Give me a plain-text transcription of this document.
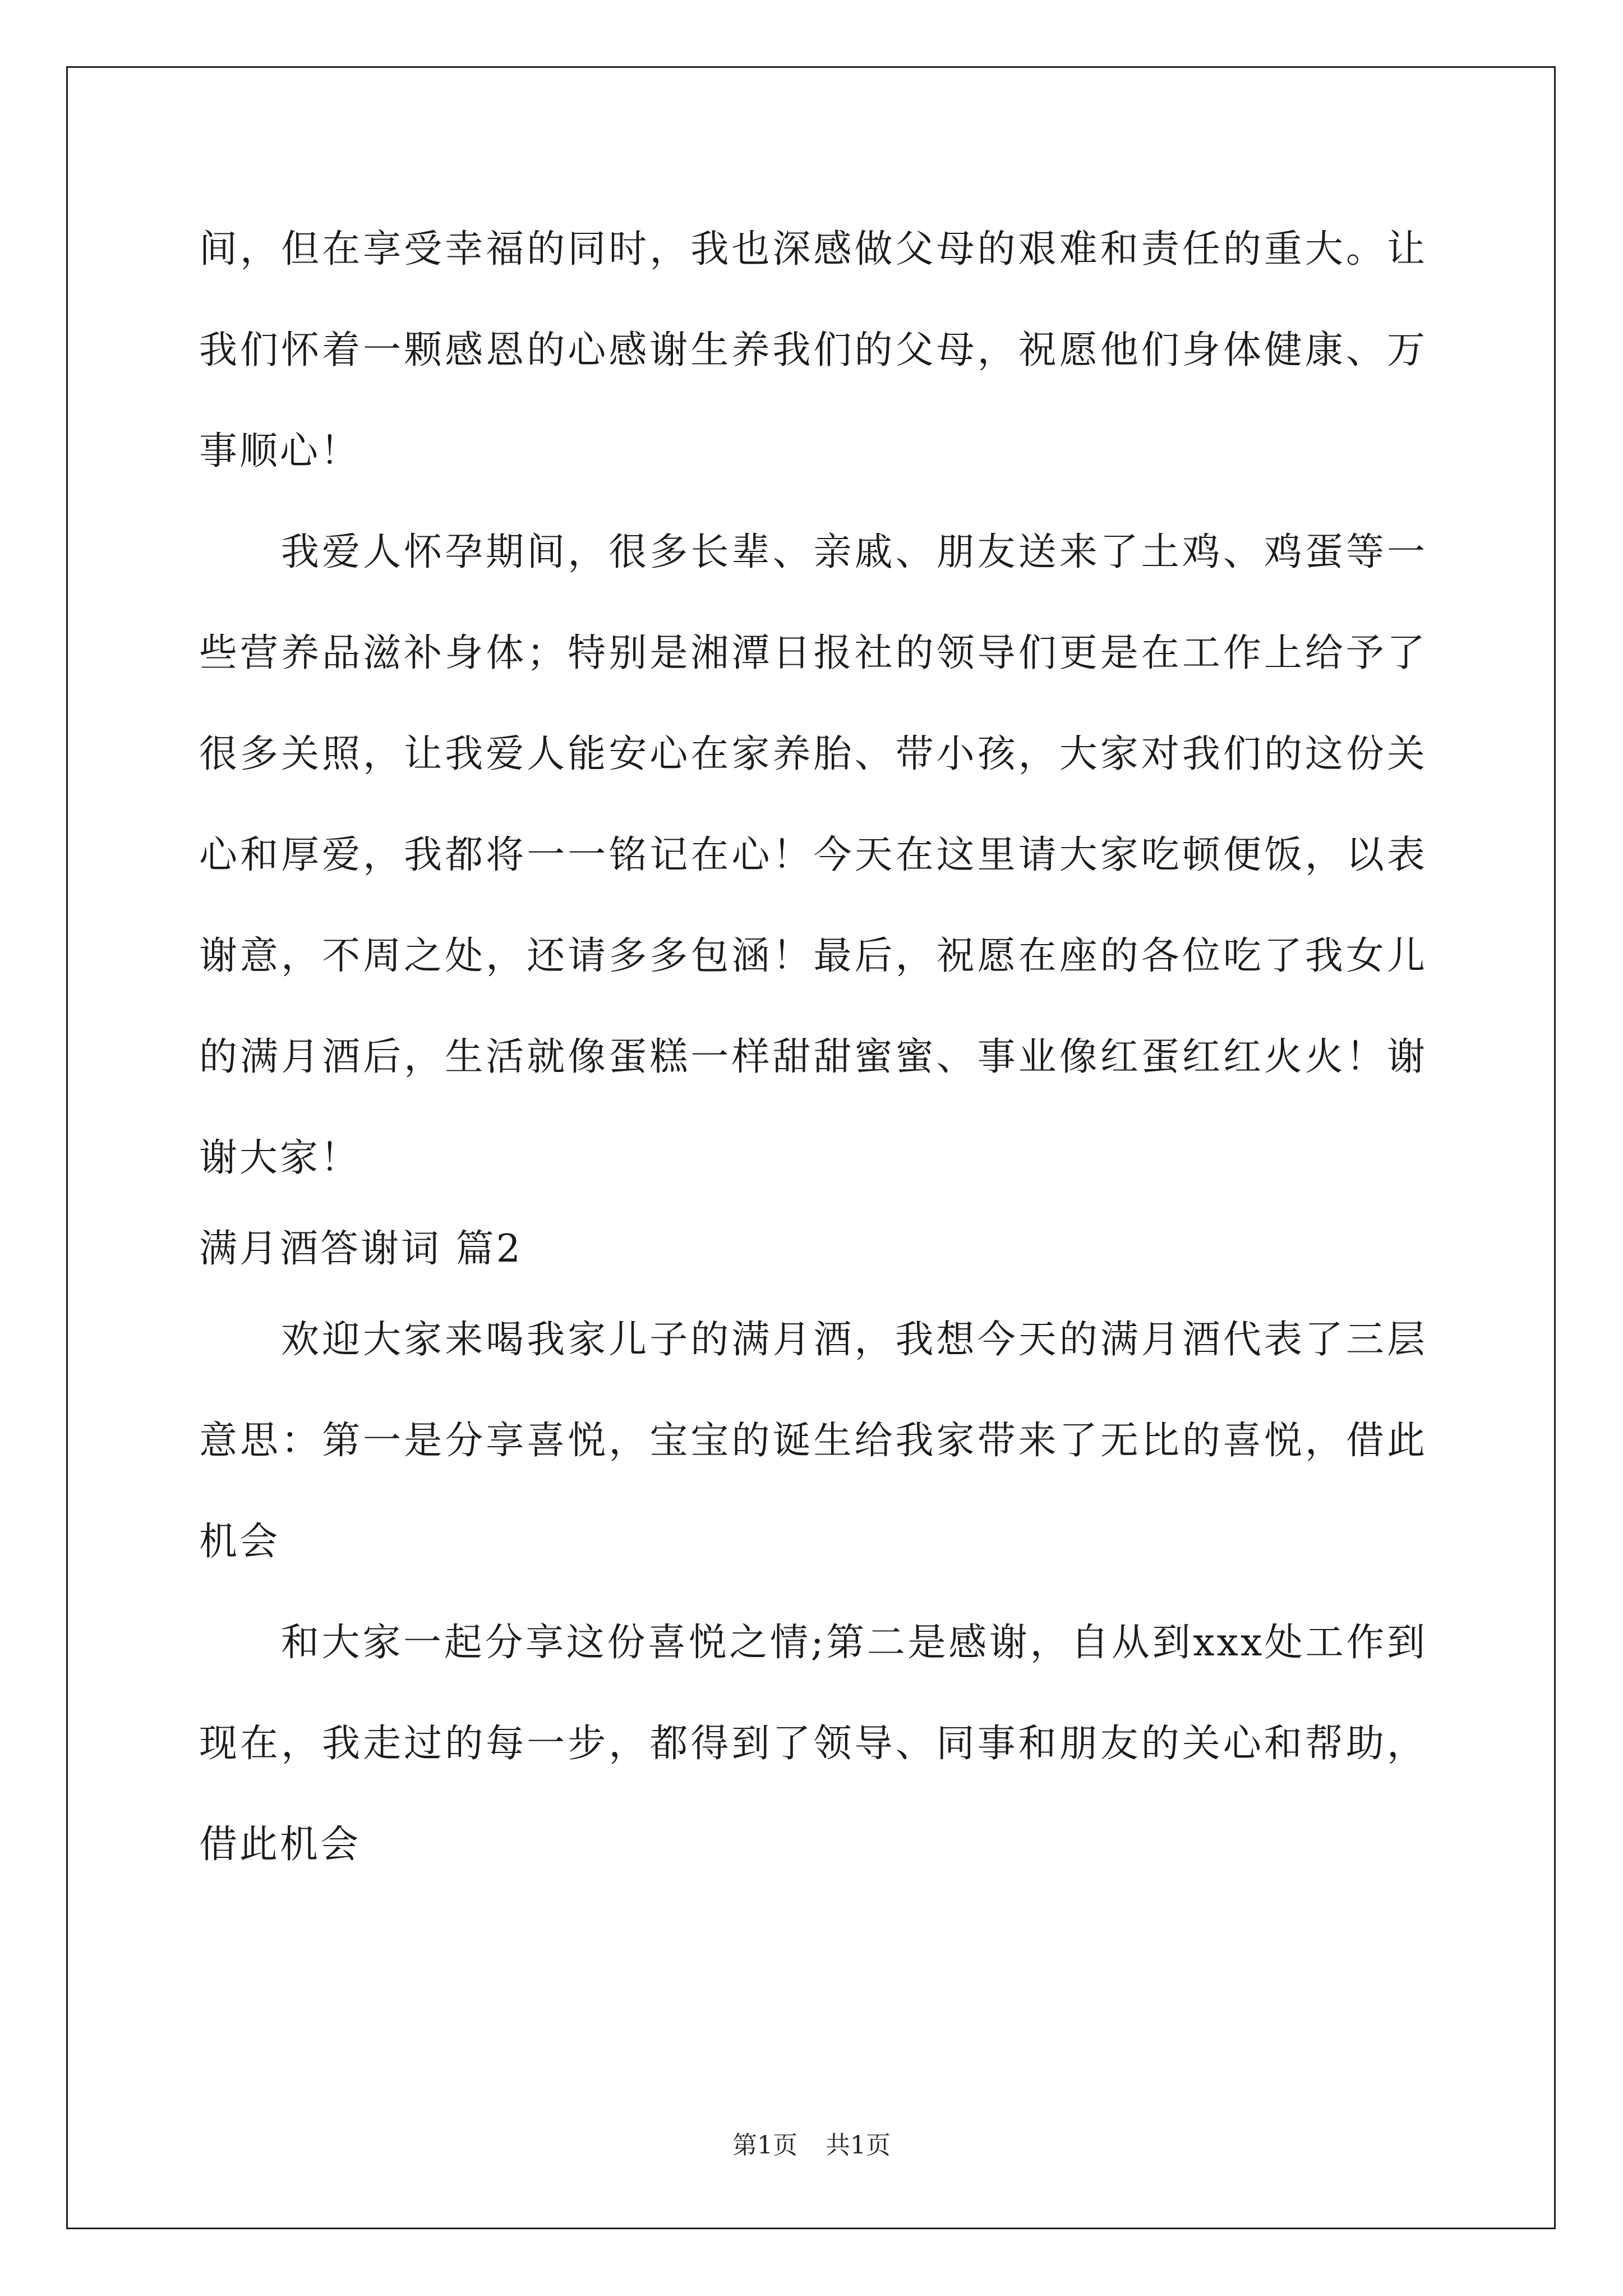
间，但在享受幸福的同时，我也深感做父母的艰难和责任的重大。让我们怀着一颗感恩的心感谢生养我们的父母，祝愿他们身体健康、万事顺心！

我爱人怀孕期间，很多长辈、亲戚、朋友送来了土鸡、鸡蛋等一些营养品滋补身体；特别是湘潭日报社的领导们更是在工作上给予了很多关照，让我爱人能安心在家养胎、带小孩，大家对我们的这份关心和厚爱，我都将一一铭记在心！今天在这里请大家吃顿便饭，以表谢意，不周之处，还请多多包涵！最后，祝愿在座的各位吃了我女儿的满月酒后，生活就像蛋糕一样甜甜蜜蜜、事业像红蛋红红火火！谢谢大家！

满月酒答谢词 篇2

欢迎大家来喝我家儿子的满月酒，我想今天的满月酒代表了三层意思：第一是分享喜悦，宝宝的诞生给我家带来了无比的喜悦，借此机会

和大家一起分享这份喜悦之情;第二是感谢，自从到xxx处工作到现在，我走过的每一步，都得到了领导、同事和朋友的关心和帮助，借此机会

第1页 共1页
